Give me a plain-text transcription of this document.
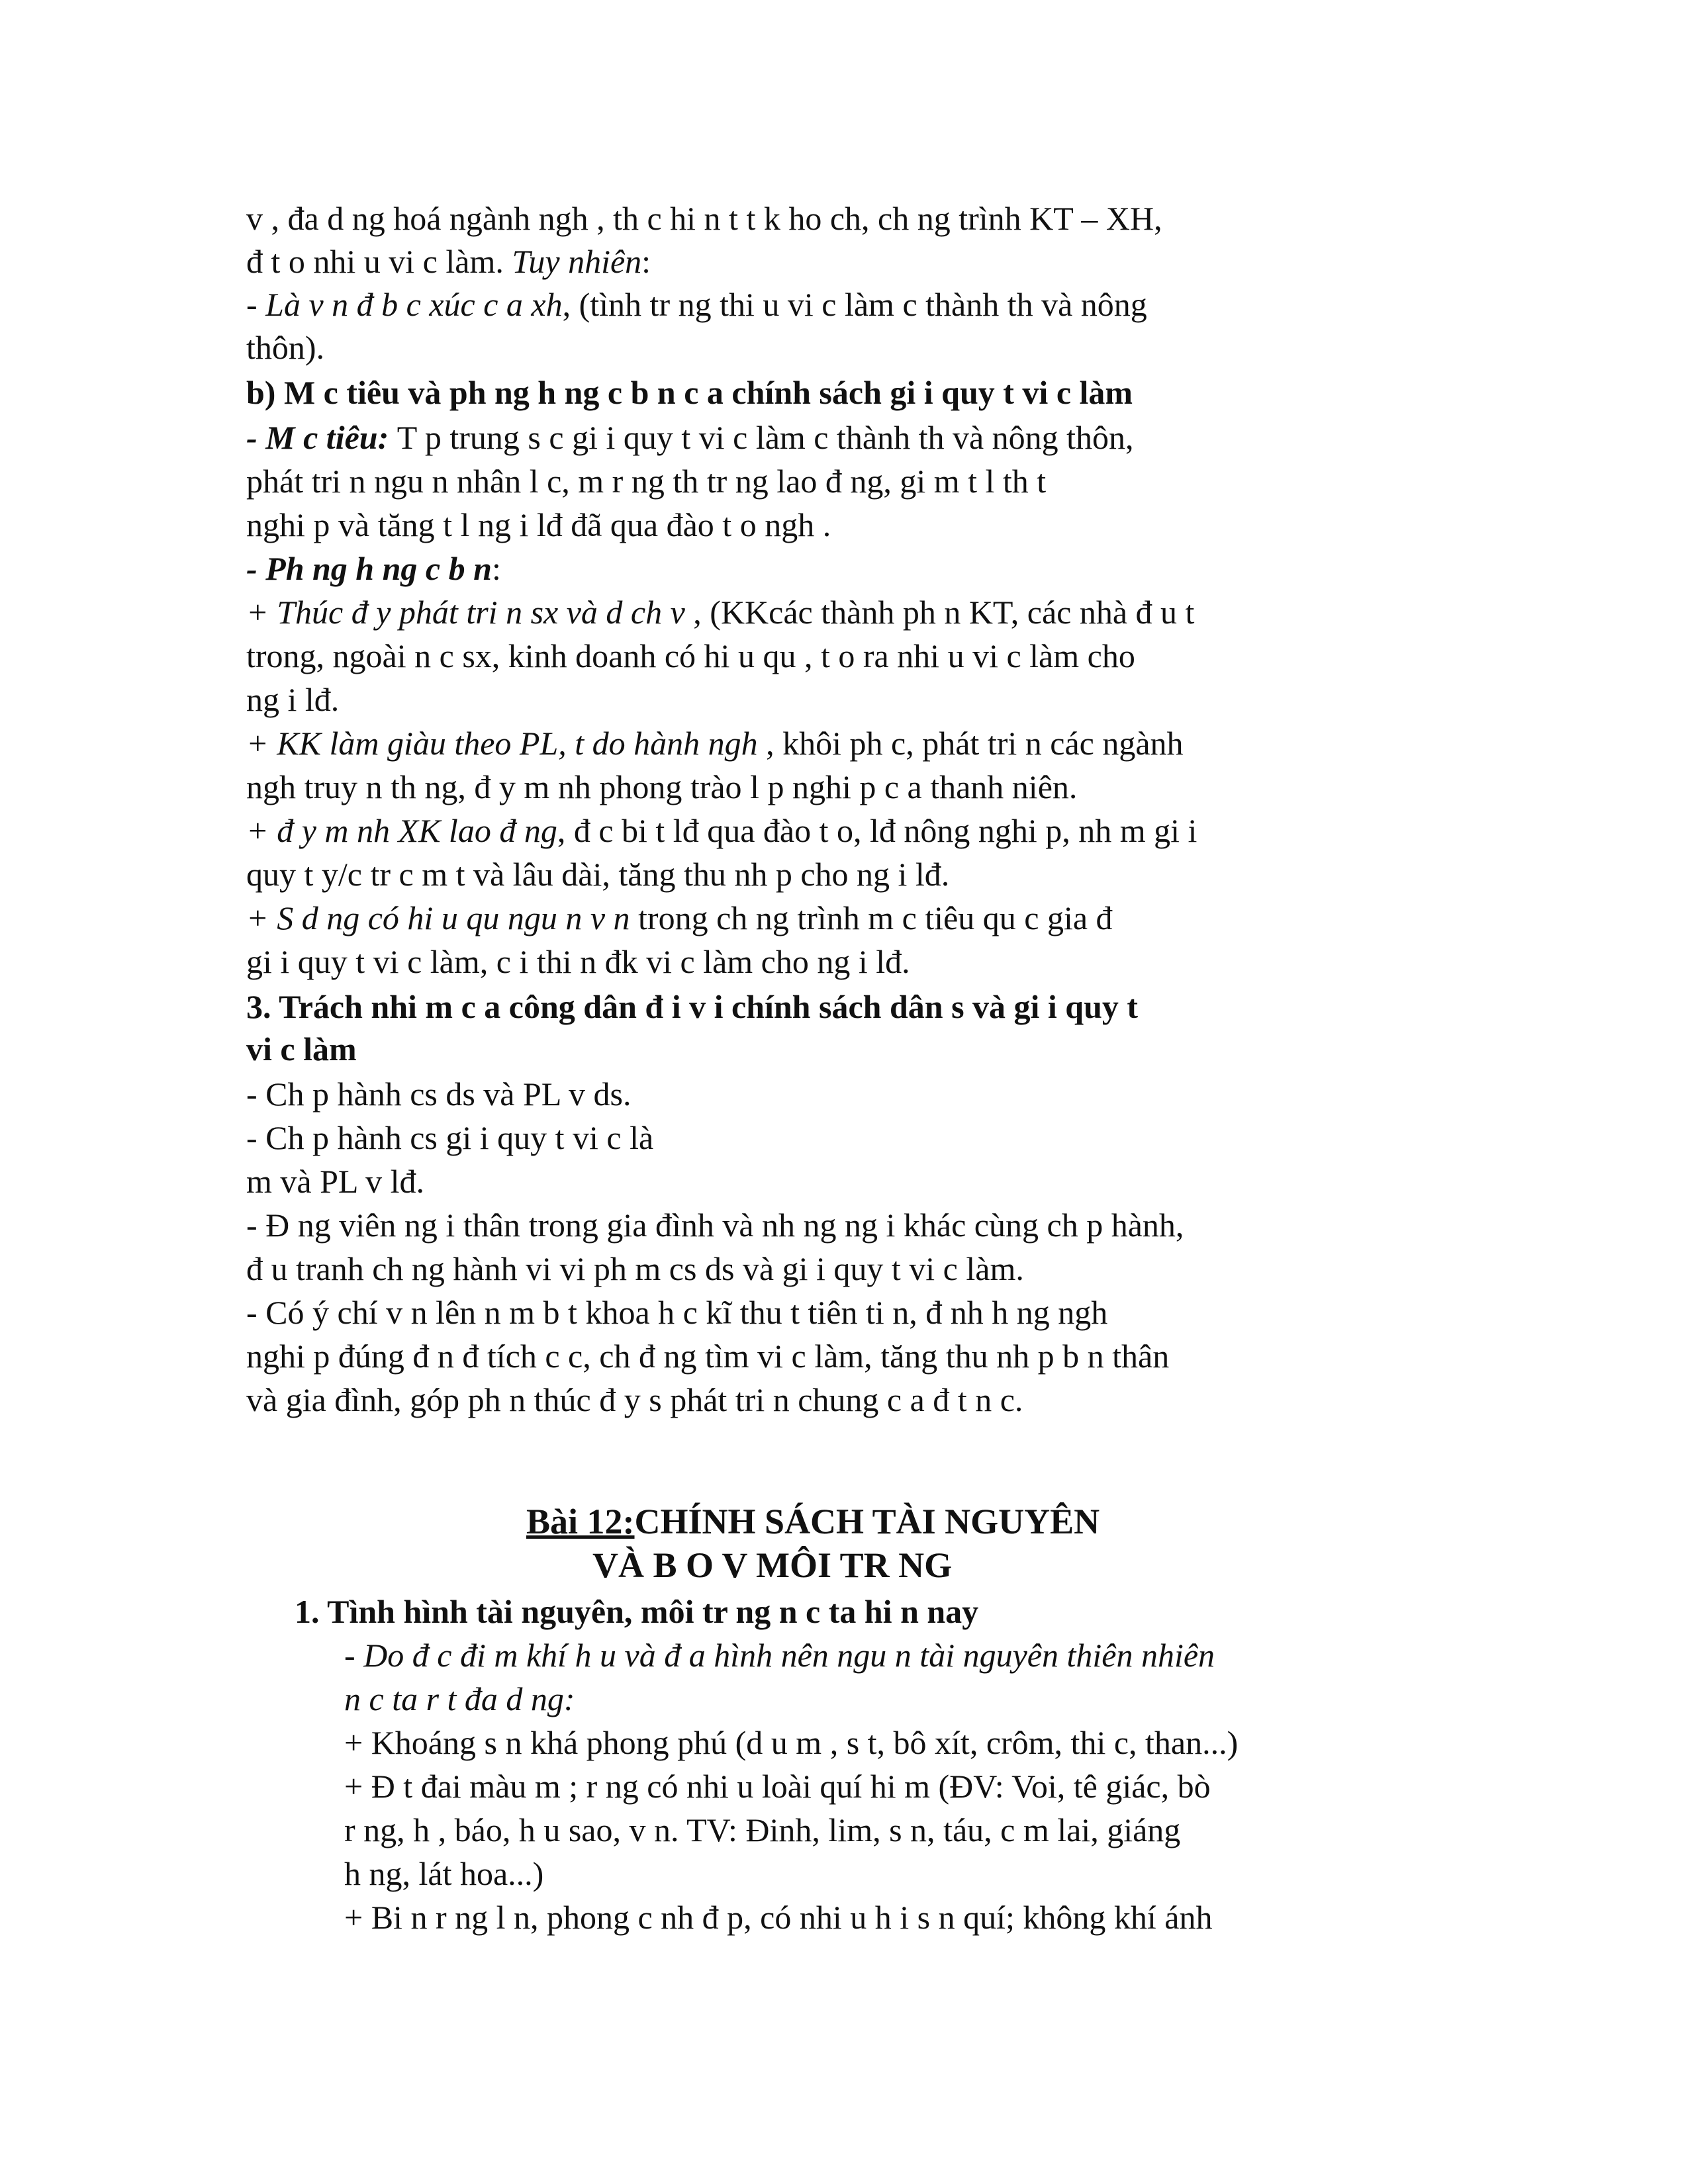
v , đa d ng hoá ngành ngh , th c hi n t t k ho ch, ch ng trình KT – XH,
đ t o nhi u vi c làm. Tuy nhiên:
- Là v n đ b c xúc c a xh, (tình tr ng thi u vi c làm c thành th và nông
thôn).
b) M c tiêu và ph ng h ng c b n c a chính sách gi i quy t vi c làm
- M c tiêu: T p trung s c gi i quy t vi c làm c thành th và nông thôn,
phát tri n ngu n nhân l c, m r ng th tr ng lao đ ng, gi m t l th t
nghi p và tăng t l ng i lđ đã qua đào t o ngh .
- Ph ng h ng c b n:
+ Thúc đ y phát tri n sx và d ch v , (KKcác thành ph n KT, các nhà đ u t
trong, ngoài n c sx, kinh doanh có hi u qu , t o ra nhi u vi c làm cho
ng i lđ.
+ KK làm giàu theo PL, t do hành ngh , khôi ph c, phát tri n các ngành
ngh truy n th ng, đ y m nh phong trào l p nghi p c a thanh niên.
+ đ y m nh XK lao đ ng, đ c bi t lđ qua đào t o, lđ nông nghi p, nh m gi i
quy t y/c tr c m t và lâu dài, tăng thu nh p cho ng i lđ.
+ S d ng có hi u qu ngu n v n trong ch ng trình m c tiêu qu c gia đ
gi i quy t vi c làm, c i thi n đk vi c làm cho ng i lđ.
3. Trách nhi m c a công dân đ i v i chính sách dân s và gi i quy t
vi c làm
- Ch p hành cs ds và PL v ds.
- Ch p hành cs gi i quy t vi c là
m và PL v lđ.
- Đ ng viên ng i thân trong gia đình và nh ng ng i khác cùng ch p hành,
đ u tranh ch ng hành vi vi ph m cs ds và gi i quy t vi c làm.
- Có ý chí v n lên n m b t khoa h c kĩ thu t tiên ti n, đ nh h ng ngh
nghi p đúng đ n đ tích c c, ch đ ng tìm vi c làm, tăng thu nh p b n thân
và gia đình, góp ph n thúc đ y s phát tri n chung c a đ t n c.
Bài 12:CHÍNH SÁCH TÀI NGUYÊN
VÀ B O V MÔI TR NG
1. Tình hình tài nguyên, môi tr ng n c ta hi n nay
- Do đ c đi m khí h u và đ a hình nên ngu n tài nguyên thiên nhiên
n c ta r t đa d ng:
+ Khoáng s n khá phong phú (d u m , s t, bô xít, crôm, thi c, than...)
+ Đ t đai màu m ; r ng có nhi u loài quí hi m (ĐV: Voi, tê giác, bò
r ng, h , báo, h u sao, v n. TV: Đinh, lim, s n, táu, c m lai, giáng
h ng, lát hoa...)
+ Bi n r ng l n, phong c nh đ p, có nhi u h i s n quí; không khí ánh
